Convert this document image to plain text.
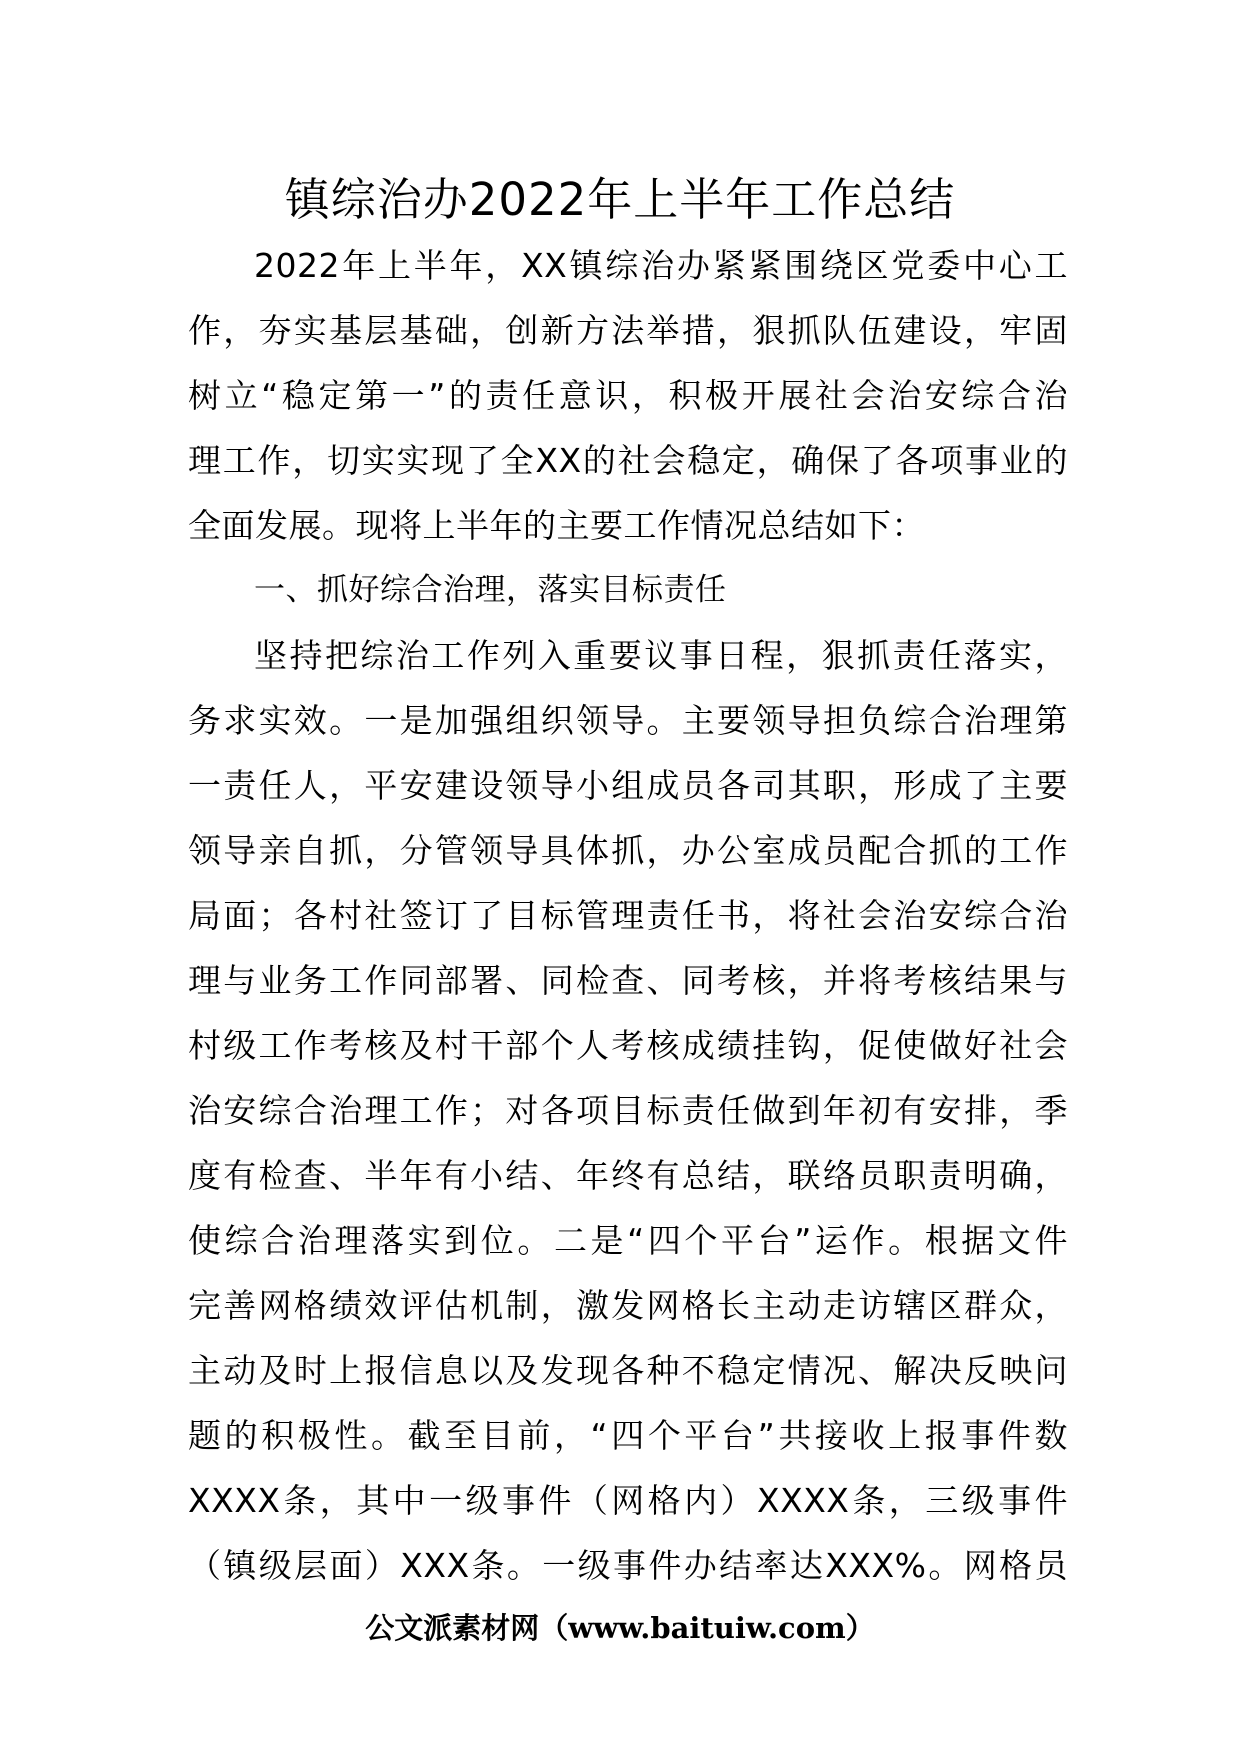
镇综治办2022年上半年工作总结
2022年上半年，XX镇综治办紧紧围绕区党委中心工
作，夯实基层基础，创新方法举措，狠抓队伍建设，牢固
树立“稳定第一”的责任意识，积极开展社会治安综合治
理工作，切实实现了全XX的社会稳定，确保了各项事业的
全面发展。现将上半年的主要工作情况总结如下：
一、抓好综合治理，落实目标责任
坚持把综治工作列入重要议事日程，狠抓责任落实，
务求实效。一是加强组织领导。主要领导担负综合治理第
一责任人，平安建设领导小组成员各司其职，形成了主要
领导亲自抓，分管领导具体抓，办公室成员配合抓的工作
局面；各村社签订了目标管理责任书，将社会治安综合治
理与业务工作同部署、同检查、同考核，并将考核结果与
村级工作考核及村干部个人考核成绩挂钩，促使做好社会
治安综合治理工作；对各项目标责任做到年初有安排，季
度有检查、半年有小结、年终有总结，联络员职责明确，
使综合治理落实到位。二是“四个平台”运作。根据文件
完善网格绩效评估机制，激发网格长主动走访辖区群众，
主动及时上报信息以及发现各种不稳定情况、解决反映问
题的积极性。截至目前，“四个平台”共接收上报事件数
XXXX条，其中一级事件（网格内）XXXX条，三级事件
（镇级层面）XXX条。一级事件办结率达XXX%。网格员
公文派素材网（www.baituiw.com）
